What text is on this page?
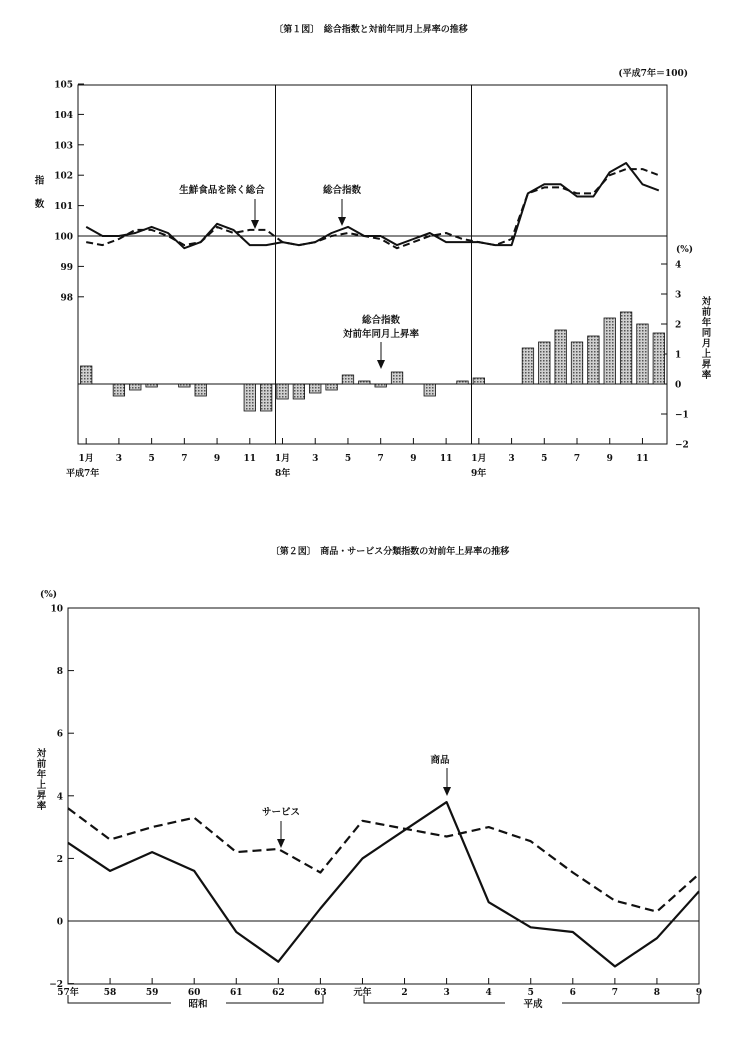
〔第１図〕　総合指数と対前年同月上昇率の推移
(平成7年＝100)
105
104
103
102
101
100
99
98
4
3
2
1
0
−1
−2
1月 3	5	7	9	11 1月 3	5	7	9	11 1月 3	5	7	9	11
指数
(%)
対前年同月上昇率
生鮮食品を除く総合	総合指数
総合指数
対前年同月上昇率
平成7年	8年	9年
〔第２図〕　商品・サービス分類指数の対前年上昇率の推移
(%)
10
8
6
4
2
0
−2
57年	58	59	60	61	62	63	元年	2	3	4	5	6	7	8	9
対前年上昇率	商品
サービス
昭和	平成
